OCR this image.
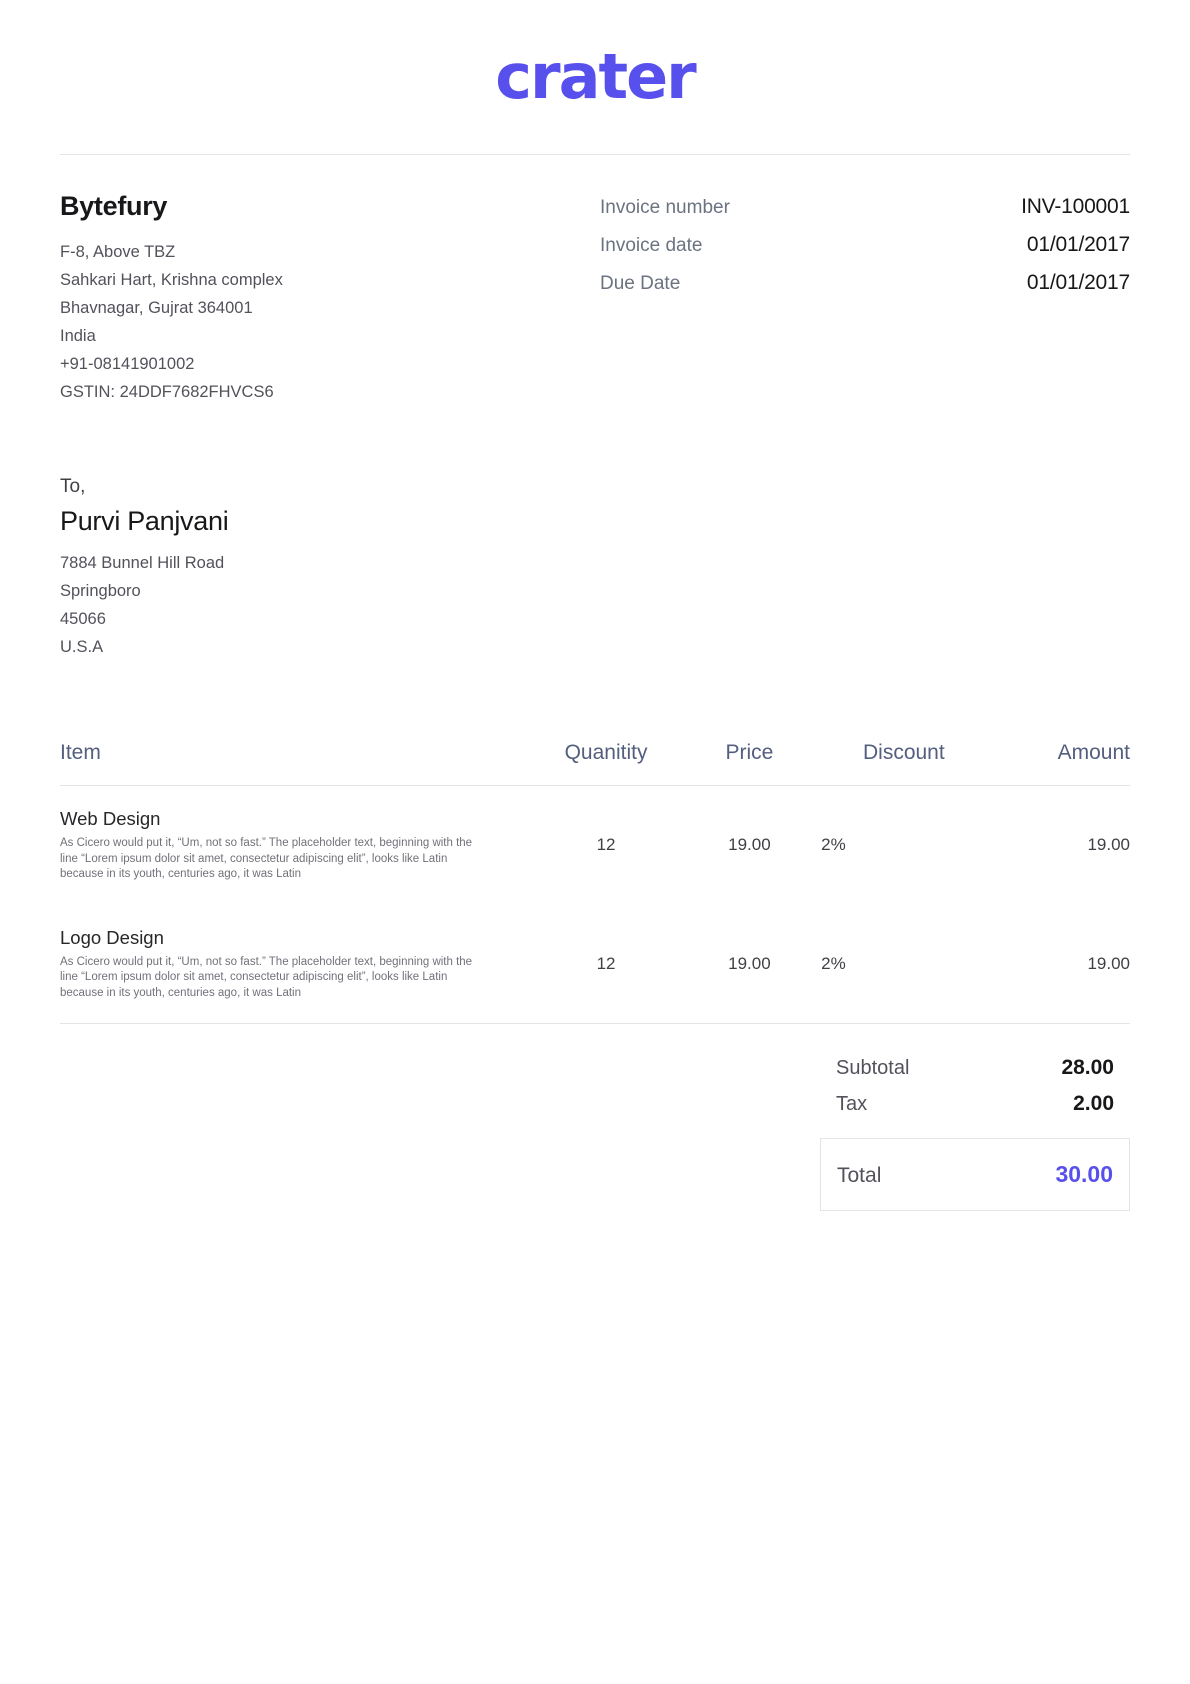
crater
Bytefury
F-8, Above TBZ
Sahkari Hart, Krishna complex
Bhavnagar, Gujrat 364001
India
+91-08141901002
GSTIN: 24DDF7682FHVCS6
Invoice number	INV-100001
Invoice date	01/01/2017
Due Date	01/01/2017
To,
Purvi Panjvani
7884 Bunnel Hill Road
Springboro
45066
U.S.A
Item	Quanitity	Price	Discount	Amount

Web Design
As Cicero would put it, “Um, not so fast.” The placeholder text, beginning with the line “Lorem ipsum dolor sit amet, consectetur adipiscing elit”, looks like Latin because in its youth, centuries ago, it was Latin	12	19.00	2%	19.00

Logo Design
As Cicero would put it, “Um, not so fast.” The placeholder text, beginning with the line “Lorem ipsum dolor sit amet, consectetur adipiscing elit”, looks like Latin because in its youth, centuries ago, it was Latin	12	19.00	2%	19.00
Subtotal	28.00
Tax	2.00
Total	30.00
